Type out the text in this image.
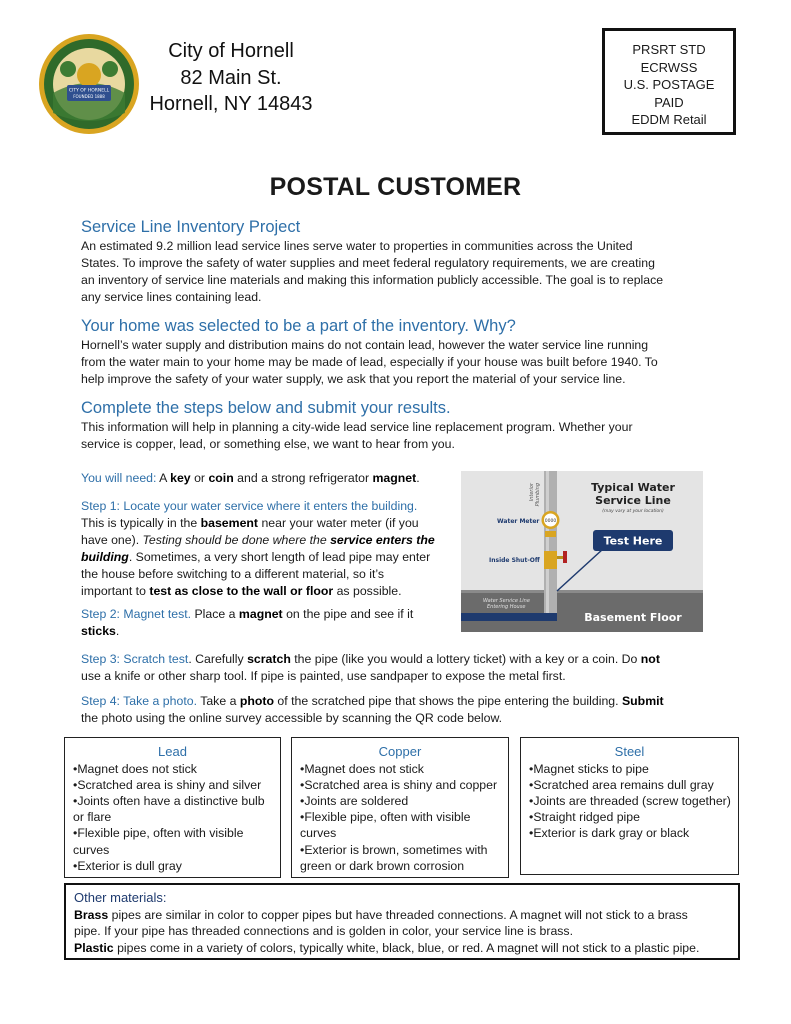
CITY OF HORNELL
FOUNDED 1888
City of Hornell
82 Main St.
Hornell, NY 14843
PRSRT STD
ECRWSS
U.S. POSTAGE
PAID
EDDM Retail
POSTAL CUSTOMER
Service Line Inventory Project
An estimated 9.2 million lead service lines serve water to properties in communities across the United
States. To improve the safety of water supplies and meet federal regulatory requirements, we are creating
an inventory of service line materials and making this information publicly accessible. The goal is to replace
any service lines containing lead.
Your home was selected to be a part of the inventory. Why?
Hornell’s water supply and distribution mains do not contain lead, however the water service line running
from the water main to your home may be made of lead, especially if your house was built before 1940. To
help improve the safety of your water supply, we ask that you report the material of your service line.
Complete the steps below and submit your results.
This information will help in planning a city-wide lead service line replacement program. Whether your
service is copper, lead, or something else, we want to hear from you.
You will need: A key or coin and a strong refrigerator magnet.
Step 1: Locate your water service where it enters the building.
This is typically in the basement near your water meter (if you
have one). Testing should be done where the service enters the
building. Sometimes, a very short length of lead pipe may enter
the house before switching to a different material, so it’s
important to test as close to the wall or floor as possible.
Step 2: Magnet test. Place a magnet on the pipe and see if it
sticks.
Step 3: Scratch test. Carefully scratch the pipe (like you would a lottery ticket) with a key or a coin. Do not
use a knife or other sharp tool. If pipe is painted, use sandpaper to expose the metal first.
Step 4: Take a photo. Take a photo of the scratched pipe that shows the pipe entering the building. Submit
the photo using the online survey accessible by scanning the QR code below.
0000
Interior Plumbing
Water Meter
Inside Shut-Off
Typical Water
Service Line
(may vary at your location)
Test Here
Water Service Line
Entering House
Basement Floor
Lead
• Magnet does not stick
• Scratched area is shiny and silver
• Joints often have a distinctive bulb or flare
• Flexible pipe, often with visible curves
• Exterior is dull gray
Copper
• Magnet does not stick
• Scratched area is shiny and copper
• Joints are soldered
• Flexible pipe, often with visible curves
• Exterior is brown, sometimes with green or dark brown corrosion
Steel
• Magnet sticks to pipe
• Scratched area remains dull gray
• Joints are threaded (screw together)
• Straight ridged pipe
• Exterior is dark gray or black
Other materials:
Brass pipes are similar in color to copper pipes but have threaded connections. A magnet will not stick to a brass
pipe. If your pipe has threaded connections and is golden in color, your service line is brass.
Plastic pipes come in a variety of colors, typically white, black, blue, or red. A magnet will not stick to a plastic pipe.
